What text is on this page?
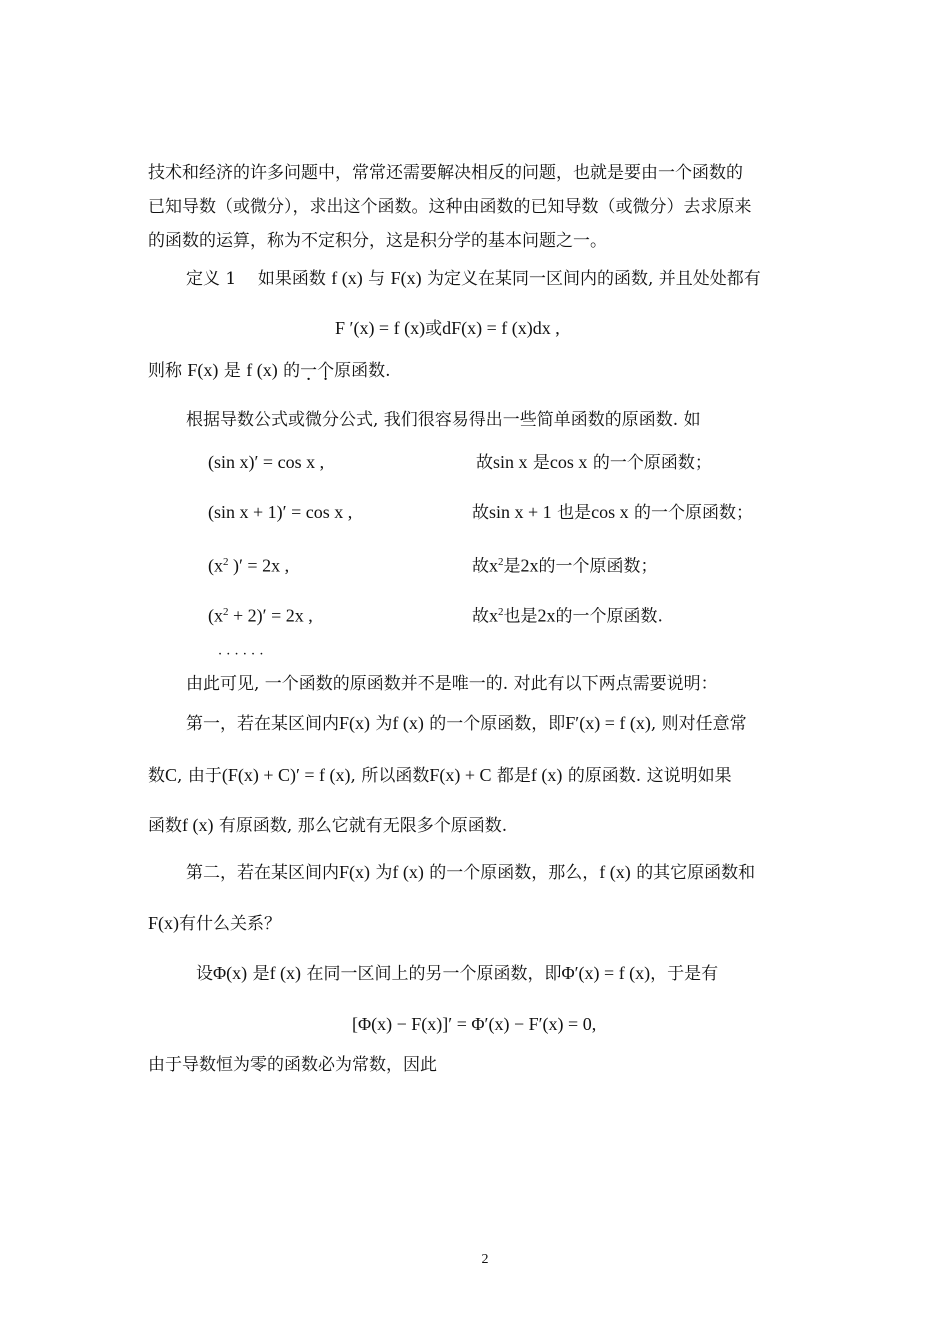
技术和经济的许多问题中，常常还需要解决相反的问题，也就是要由一个函数的
已知导数（或微分），求出这个函数。这种由函数的已知导数（或微分）去求原来
的函数的运算，称为不定积分，这是积分学的基本问题之一。
定义 1 如果函数 f (x) 与 F(x) 为定义在某同一区间内的函数, 并且处处都有
F ′(x) = f (x)或dF(x) = f (x)dx ,
则称 F(x) 是 f (x) 的一个原函数.
根据导数公式或微分公式, 我们很容易得出一些简单函数的原函数. 如
(sin x)′ = cos x ,	故sin x 是cos x 的一个原函数；
(sin x + 1)′ = cos x ,	故sin x + 1 也是cos x 的一个原函数；
($x^2$ )′ = 2x ,	故$x^2$是2x的一个原函数；
$(x^2 + 2)' = 2x$ ,	故$x^2$也是2x的一个原函数.
· · · · · ·
由此可见, 一个函数的原函数并不是唯一的. 对此有以下两点需要说明：
第一，若在某区间内F(x) 为f (x) 的一个原函数，即F′(x) = f (x), 则对任意常
数C, 由于(F(x) + C)′ = f (x), 所以函数F(x) + C 都是f (x) 的原函数. 这说明如果
函数f (x) 有原函数, 那么它就有无限多个原函数.
第二，若在某区间内F(x) 为f (x) 的一个原函数，那么，f (x) 的其它原函数和
F(x)有什么关系？
设Φ(x) 是f (x) 在同一区间上的另一个原函数，即Φ′(x) = f (x)，于是有
[Φ(x) − F(x)]′ = Φ′(x) − F′(x) = 0,
由于导数恒为零的函数必为常数，因此
2
